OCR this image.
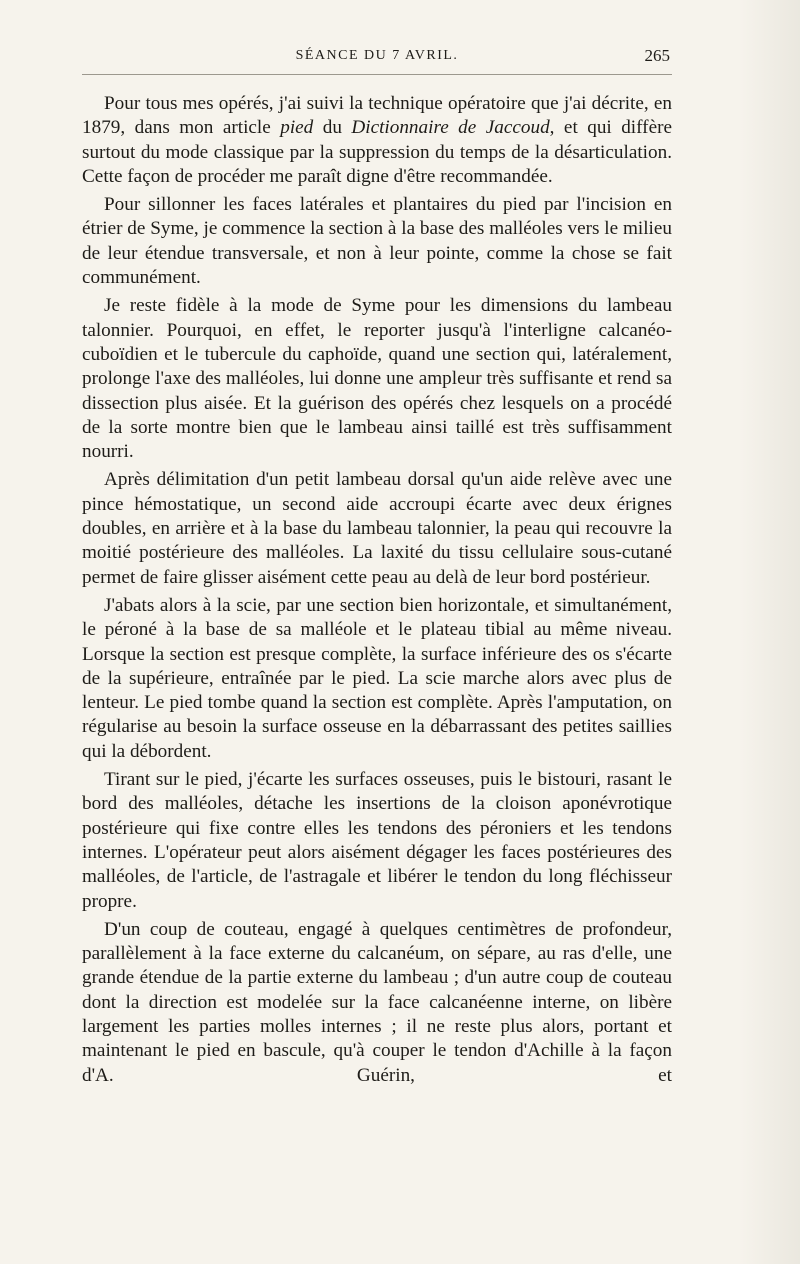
SÉANCE DU 7 AVRIL.	265

Pour tous mes opérés, j'ai suivi la technique opératoire que j'ai décrite, en 1879, dans mon article pied du Dictionnaire de Jaccoud, et qui diffère surtout du mode classique par la suppression du temps de la désarticulation. Cette façon de procéder me paraît digne d'être recommandée.

Pour sillonner les faces latérales et plantaires du pied par l'incision en étrier de Syme, je commence la section à la base des malléoles vers le milieu de leur étendue transversale, et non à leur pointe, comme la chose se fait communément.

Je reste fidèle à la mode de Syme pour les dimensions du lambeau talonnier. Pourquoi, en effet, le reporter jusqu'à l'interligne calcanéo-cuboïdien et le tubercule du caphoïde, quand une section qui, latéralement, prolonge l'axe des malléoles, lui donne une ampleur très suffisante et rend sa dissection plus aisée. Et la guérison des opérés chez lesquels on a procédé de la sorte montre bien que le lambeau ainsi taillé est très suffisamment nourri.

Après délimitation d'un petit lambeau dorsal qu'un aide relève avec une pince hémostatique, un second aide accroupi écarte avec deux érignes doubles, en arrière et à la base du lambeau talonnier, la peau qui recouvre la moitié postérieure des malléoles. La laxité du tissu cellulaire sous-cutané permet de faire glisser aisément cette peau au delà de leur bord postérieur.

J'abats alors à la scie, par une section bien horizontale, et simultanément, le péroné à la base de sa malléole et le plateau tibial au même niveau. Lorsque la section est presque complète, la surface inférieure des os s'écarte de la supérieure, entraînée par le pied. La scie marche alors avec plus de lenteur. Le pied tombe quand la section est complète. Après l'amputation, on régularise au besoin la surface osseuse en la débarrassant des petites saillies qui la débordent.

Tirant sur le pied, j'écarte les surfaces osseuses, puis le bistouri, rasant le bord des malléoles, détache les insertions de la cloison aponévrotique postérieure qui fixe contre elles les tendons des péroniers et les tendons internes. L'opérateur peut alors aisément dégager les faces postérieures des malléoles, de l'article, de l'astragale et libérer le tendon du long fléchisseur propre.

D'un coup de couteau, engagé à quelques centimètres de profondeur, parallèlement à la face externe du calcanéum, on sépare, au ras d'elle, une grande étendue de la partie externe du lambeau ; d'un autre coup de couteau dont la direction est modelée sur la face calcanéenne interne, on libère largement les parties molles internes ; il ne reste plus alors, portant et maintenant le pied en bascule, qu'à couper le tendon d'Achille à la façon d'A. Guérin, et
